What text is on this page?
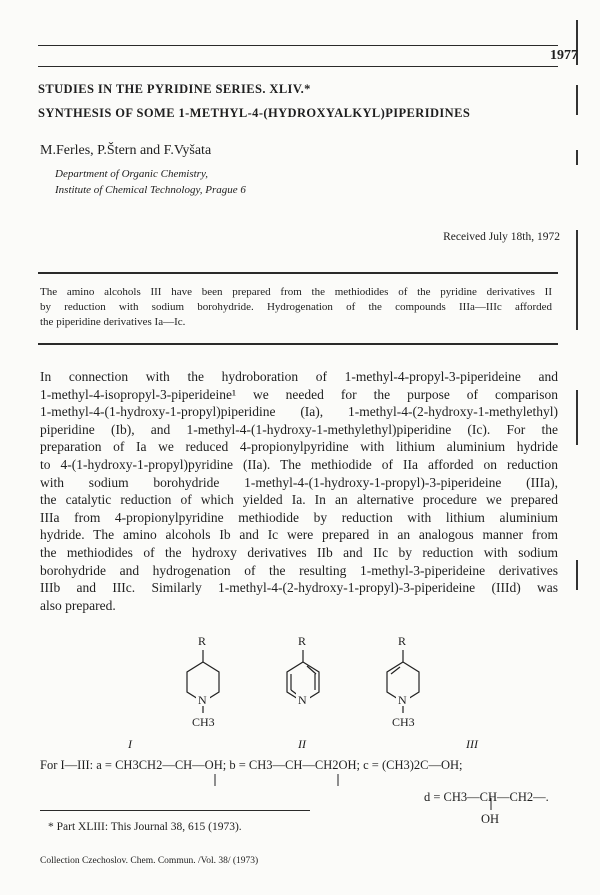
1977
STUDIES IN THE PYRIDINE SERIES. XLIV.*
SYNTHESIS OF SOME 1-METHYL-4-(HYDROXYALKYL)PIPERIDINES
M.Ferles, P.Štern and F.Vyšata
Department of Organic Chemistry,
Institute of Chemical Technology, Prague 6
Received July 18th, 1972
The amino alcohols III have been prepared from the methiodides of the pyridine derivatives II
by reduction with sodium borohydride. Hydrogenation of the compounds IIIa—IIIc afforded
the piperidine derivatives Ia—Ic.
In connection with the hydroboration of 1-methyl-4-propyl-3-piperideine and
1-methyl-4-isopropyl-3-piperideine¹ we needed for the purpose of comparison
1-methyl-4-(1-hydroxy-1-propyl)piperidine (Ia), 1-methyl-4-(2-hydroxy-1-methylethyl)
piperidine (Ib), and 1-methyl-4-(1-hydroxy-1-methylethyl)piperidine (Ic). For the
preparation of Ia we reduced 4-propionylpyridine with lithium aluminium hydride
to 4-(1-hydroxy-1-propyl)pyridine (IIa). The methiodide of IIa afforded on reduction
with sodium borohydride 1-methyl-4-(1-hydroxy-1-propyl)-3-piperideine (IIIa),
the catalytic reduction of which yielded Ia. In an alternative procedure we prepared
IIIa from 4-propionylpyridine methiodide by reduction with lithium aluminium
hydride. The amino alcohols Ib and Ic were prepared in an analogous manner from
the methiodides of the hydroxy derivatives IIb and IIc by reduction with sodium
borohydride and hydrogenation of the resulting 1-methyl-3-piperideine derivatives
IIIb and IIIc. Similarly 1-methyl-4-(2-hydroxy-1-propyl)-3-piperideine (IIId) was
also prepared.
R	R	R
N	N	N
CH3	CH3
I	II	III
For I—III: a = CH3CH2—CH—OH; b = CH3—CH—CH2OH; c = (CH3)2C—OH;
d = CH3—CH—CH2—.
OH
* Part XLIII: This Journal 38, 615 (1973).
Collection Czechoslov. Chem. Commun. /Vol. 38/ (1973)
